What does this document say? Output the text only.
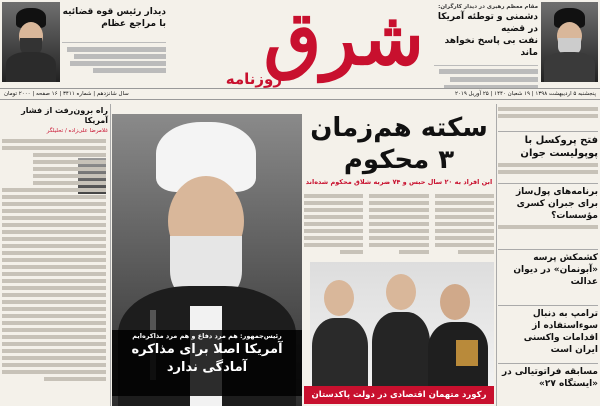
شرق
روزنامه
دیدار رئیس قوه قضائیه
با مراجع عظام
مقام معظم رهبری در دیدار کارگران:
دشمنی و توطئه آمریکا در قضیه
نفت بی پاسخ نخواهد ماند
پنجشنبه ۵ اردیبهشت ۱۳۹۸ | ۱۹ شعبان ۱۴۴۰ | ۲۵ آوریل ۲۰۱۹
سال شانزدهم | شماره ۳۴۱۱ | ۱۶ صفحه | ۲۰۰۰ تومان
راه برون‌رفت از فشار آمریکا
غلامرضا علی‌زاده / تحلیلگر
رئیس‌جمهور: هم مرد دفاع و هم مرد مذاکره‌ایم
آمریکا اصلا برای مذاکره
آمادگی ندارد
سکته هم‌زمان
۳ محکوم
ابن افراد به ۲۰ سال حبس و ۷۴ ضربه شلاق محکوم شده‌اند
رکورد متهمان اقتصادی در دولت پاکدستان
فتح پروکسل با پوپولیست جوان
برنامه‌های پول‌ساز برای جبران کسری مؤسسات؟
کشمکش پرسه «آبونمان» در دیوان عدالت
ترامپ به دنبال سوءاستفاده از اقدامات واکسنی ایران است
مسابقه فراتوتیالی در «ایستگاه ۲۷»
